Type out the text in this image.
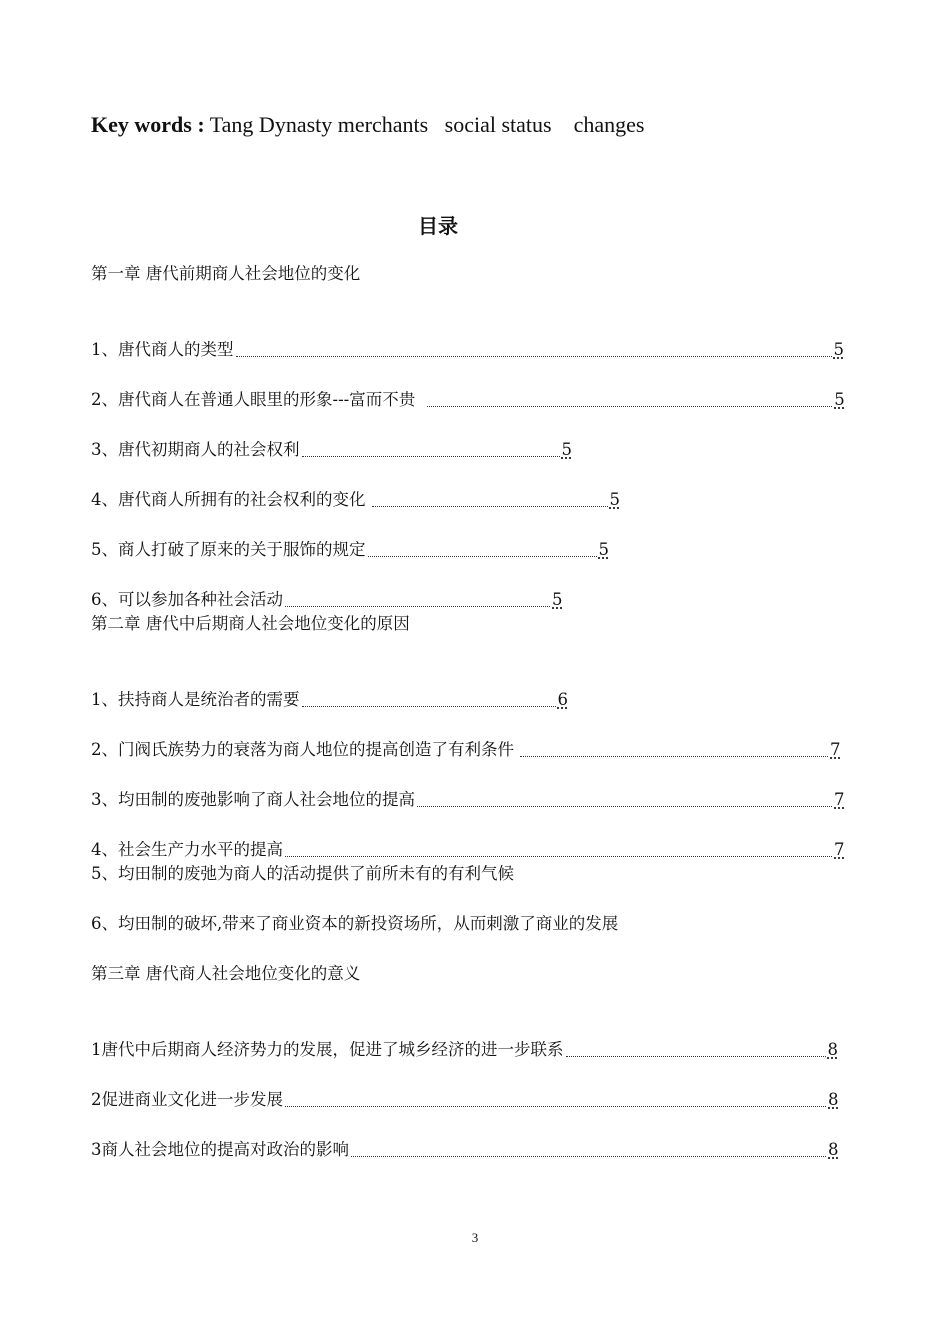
Key words : Tang Dynasty merchants   social status    changes
目录
第一章 唐代前期商人社会地位的变化
1、唐代商人的类型	5
2、唐代商人在普通人眼里的形象---富而不贵	5
3、唐代初期商人的社会权利	5
4、唐代商人所拥有的社会权利的变化	5
5、商人打破了原来的关于服饰的规定	5
6、可以参加各种社会活动	5
第二章 唐代中后期商人社会地位变化的原因
1、扶持商人是统治者的需要	6
2、门阀氏族势力的衰落为商人地位的提高创造了有利条件	7
3、均田制的废弛影响了商人社会地位的提高	7
4、社会生产力水平的提高	7
5、均田制的废弛为商人的活动提供了前所未有的有利气候
6、均田制的破坏,带来了商业资本的新投资场所，从而刺激了商业的发展
第三章 唐代商人社会地位变化的意义
1唐代中后期商人经济势力的发展，促进了城乡经济的进一步联系	8
2促进商业文化进一步发展	8
3商人社会地位的提高对政治的影响	8
3
